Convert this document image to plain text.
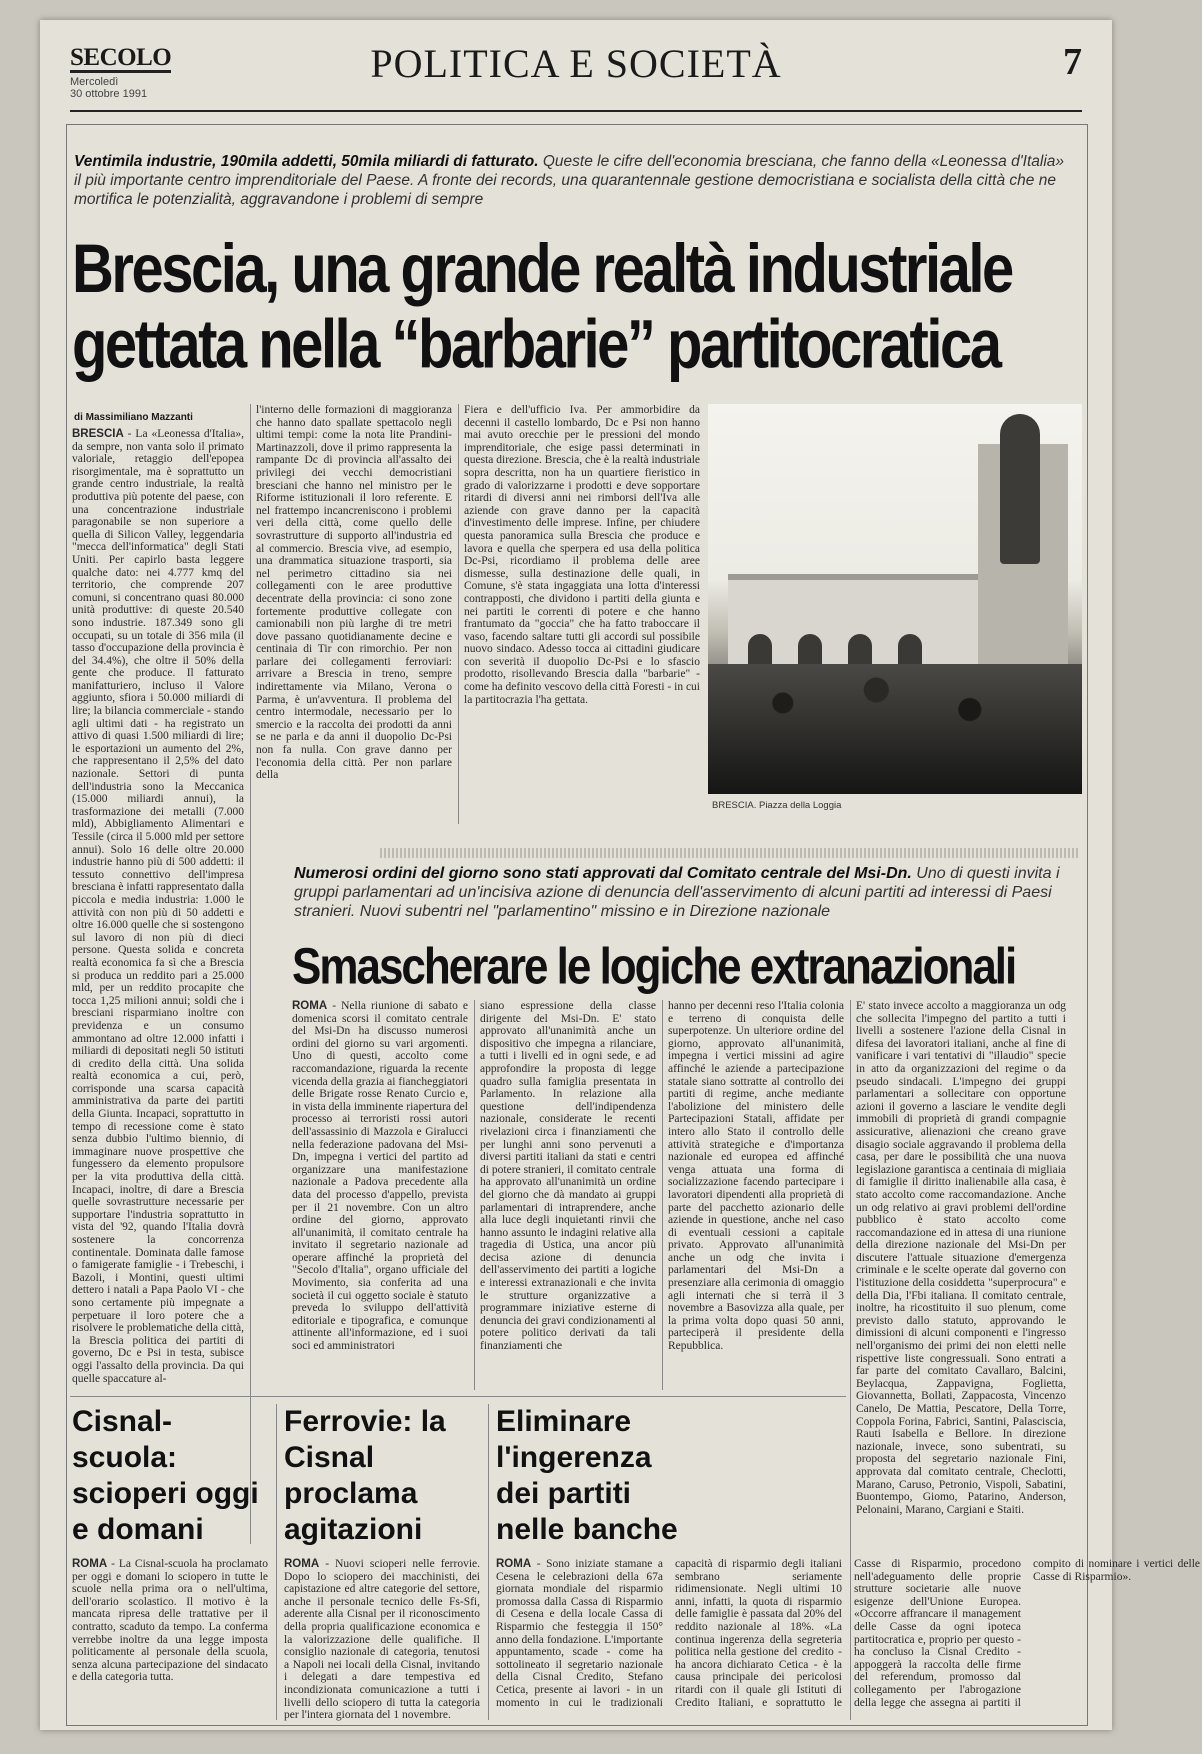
SECOLO
Mercoledì
30 ottobre 1991
POLITICA E SOCIETÀ	7
Ventimila industrie, 190mila addetti, 50mila miliardi di fatturato. Queste le cifre dell'economia bresciana, che fanno della «Leonessa d'Italia» il più importante centro imprenditoriale del Paese. A fronte dei records, una quarantennale gestione democristiana e socialista della città che ne mortifica le potenzialità, aggravandone i problemi di sempre
Brescia, una grande realtà industriale
gettata nella “barbarie” partitocratica
di Massimiliano Mazzanti
BRESCIA - La «Leonessa d'Italia», da sempre, non vanta solo il primato valoriale, retaggio dell'epopea risorgimentale, ma è soprattutto un grande centro industriale, la realtà produttiva più potente del paese, con una concentrazione industriale paragonabile se non superiore a quella di Silicon Valley, leggendaria "mecca dell'informatica" degli Stati Uniti. Per capirlo basta leggere qualche dato: nei 4.777 kmq del territorio, che comprende 207 comuni, si concentrano quasi 80.000 unità produttive: di queste 20.540 sono industrie. 187.349 sono gli occupati, su un totale di 356 mila (il tasso d'occupazione della provincia è del 34.4%), che oltre il 50% della gente che produce. Il fatturato manifatturiero, incluso il Valore aggiunto, sfiora i 50.000 miliardi di lire; la bilancia commerciale - stando agli ultimi dati - ha registrato un attivo di quasi 1.500 miliardi di lire; le esportazioni un aumento del 2%, che rappresentano il 2,5% del dato nazionale. Settori di punta dell'industria sono la Meccanica (15.000 miliardi annui), la trasformazione dei metalli (7.000 mld), Abbigliamento Alimentari e Tessile (circa il 5.000 mld per settore annui). Solo 16 delle oltre 20.000 industrie hanno più di 500 addetti: il tessuto connettivo dell'impresa bresciana è infatti rappresentato dalla piccola e media industria: 1.000 le attività con non più di 50 addetti e oltre 16.000 quelle che si sostengono sul lavoro di non più di dieci persone. Questa solida e concreta realtà economica fa sì che a Brescia si produca un reddito pari a 25.000 mld, per un reddito procapite che tocca 1,25 milioni annui; soldi che i bresciani risparmiano inoltre con previdenza e un consumo ammontano ad oltre 12.000 infatti i miliardi di depositati negli 50 istituti di credito della città. Una solida realtà economica a cui, però, corrisponde una scarsa capacità amministrativa da parte dei partiti della Giunta. Incapaci, soprattutto in tempo di recessione come è stato senza dubbio l'ultimo biennio, di immaginare nuove prospettive che fungessero da elemento propulsore per la vita produttiva della città. Incapaci, inoltre, di dare a Brescia quelle sovrastrutture necessarie per supportare l'industria soprattutto in vista del '92, quando l'Italia dovrà sostenere la concorrenza continentale. Dominata dalle famose o famigerate famiglie - i Trebeschi, i Bazoli, i Montini, questi ultimi dettero i natali a Papa Paolo VI - che sono certamente più impegnate a perpetuare il loro potere che a risolvere le problematiche della città, la Brescia politica dei partiti di governo, Dc e Psi in testa, subisce oggi l'assalto della provincia. Da qui quelle spaccature al-
l'interno delle formazioni di maggioranza che hanno dato spallate spettacolo negli ultimi tempi: come la nota lite Prandini-Martinazzoli, dove il primo rappresenta la rampante Dc di provincia all'assalto dei privilegi dei vecchi democristiani bresciani che hanno nel ministro per le Riforme istituzionali il loro referente. E nel frattempo incancreniscono i problemi veri della città, come quello delle sovrastrutture di supporto all'industria ed al commercio. Brescia vive, ad esempio, una drammatica situazione trasporti, sia nel perimetro cittadino sia nei collegamenti con le aree produttive decentrate della provincia: ci sono zone fortemente produttive collegate con camionabili non più larghe di tre metri dove passano quotidianamente decine e centinaia di Tir con rimorchio. Per non parlare dei collegamenti ferroviari: arrivare a Brescia in treno, sempre indirettamente via Milano, Verona o Parma, è un'avventura. Il problema del centro intermodale, necessario per lo smercio e la raccolta dei prodotti da anni se ne parla e da anni il duopolio Dc-Psi non fa nulla. Con grave danno per l'economia della città. Per non parlare della
Fiera e dell'ufficio Iva. Per ammorbidire da decenni il castello lombardo, Dc e Psi non hanno mai avuto orecchie per le pressioni del mondo imprenditoriale, che esige passi determinati in questa direzione. Brescia, che è la realtà industriale sopra descritta, non ha un quartiere fieristico in grado di valorizzarne i prodotti e deve sopportare ritardi di diversi anni nei rimborsi dell'Iva alle aziende con grave danno per la capacità d'investimento delle imprese. Infine, per chiudere questa panoramica sulla Brescia che produce e lavora e quella che sperpera ed usa della politica Dc-Psi, ricordiamo il problema delle aree dismesse, sulla destinazione delle quali, in Comune, s'è stata ingaggiata una lotta d'interessi contrapposti, che dividono i partiti della giunta e nei partiti le correnti di potere e che hanno frantumato da "goccia" che ha fatto traboccare il vaso, facendo saltare tutti gli accordi sul possibile nuovo sindaco. Adesso tocca ai cittadini giudicare con severità il duopolio Dc-Psi e lo sfascio prodotto, risollevando Brescia dalla "barbarie" - come ha definito vescovo della città Foresti - in cui la partitocrazia l'ha gettata.
BRESCIA. Piazza della Loggia
Numerosi ordini del giorno sono stati approvati dal Comitato centrale del Msi-Dn. Uno di questi invita i gruppi parlamentari ad un'incisiva azione di denuncia dell'asservimento di alcuni partiti ad interessi di Paesi stranieri. Nuovi subentri nel "parlamentino" missino e in Direzione nazionale
Smascherare le logiche extranazionali
ROMA - Nella riunione di sabato e domenica scorsi il comitato centrale del Msi-Dn ha discusso numerosi ordini del giorno su vari argomenti. Uno di questi, accolto come raccomandazione, riguarda la recente vicenda della grazia ai fiancheggiatori delle Brigate rosse Renato Curcio e, in vista della imminente riapertura del processo ai terroristi rossi autori dell'assassinio di Mazzola e Giralucci nella federazione padovana del Msi-Dn, impegna i vertici del partito ad organizzare una manifestazione nazionale a Padova precedente alla data del processo d'appello, prevista per il 21 novembre. Con un altro ordine del giorno, approvato all'unanimità, il comitato centrale ha invitato il segretario nazionale ad operare affinché la proprietà del "Secolo d'Italia", organo ufficiale del Movimento, sia conferita ad una società il cui oggetto sociale è statuto preveda lo sviluppo dell'attività editoriale e tipografica, e comunque attinente all'informazione, ed i suoi soci ed amministratori
siano espressione della classe dirigente del Msi-Dn. E' stato approvato all'unanimità anche un dispositivo che impegna a rilanciare, a tutti i livelli ed in ogni sede, e ad approfondire la proposta di legge quadro sulla famiglia presentata in Parlamento. In relazione alla questione dell'indipendenza nazionale, considerate le recenti rivelazioni circa i finanziamenti che per lunghi anni sono pervenuti a diversi partiti italiani da stati e centri di potere stranieri, il comitato centrale ha approvato all'unanimità un ordine del giorno che dà mandato ai gruppi parlamentari di intraprendere, anche alla luce degli inquietanti rinvii che hanno assunto le indagini relative alla tragedia di Ustica, una ancor più decisa azione di denuncia dell'asservimento dei partiti a logiche e interessi extranazionali e che invita le strutture organizzative a programmare iniziative esterne di denuncia dei gravi condizionamenti al potere politico derivati da tali finanziamenti che
hanno per decenni reso l'Italia colonia e terreno di conquista delle superpotenze. Un ulteriore ordine del giorno, approvato all'unanimità, impegna i vertici missini ad agire affinché le aziende a partecipazione statale siano sottratte al controllo dei partiti di regime, anche mediante l'abolizione del ministero delle Partecipazioni Statali, affidate per intero allo Stato il controllo delle attività strategiche e d'importanza nazionale ed europea ed affinché venga attuata una forma di socializzazione facendo partecipare i lavoratori dipendenti alla proprietà di parte del pacchetto azionario delle aziende in questione, anche nel caso di eventuali cessioni a capitale privato. Approvato all'unanimità anche un odg che invita i parlamentari del Msi-Dn a presenziare alla cerimonia di omaggio agli internati che si terrà il 3 novembre a Basovizza alla quale, per la prima volta dopo quasi 50 anni, parteciperà il presidente della Repubblica.
E' stato invece accolto a maggioranza un odg che sollecita l'impegno del partito a tutti i livelli a sostenere l'azione della Cisnal in difesa dei lavoratori italiani, anche al fine di vanificare i vari tentativi di "illaudio" specie in atto da organizzazioni del regime o da pseudo sindacali. L'impegno dei gruppi parlamentari a sollecitare con opportune azioni il governo a lasciare le vendite degli immobili di proprietà di grandi compagnie assicurative, alienazioni che creano grave disagio sociale aggravando il problema della casa, per dare le possibilità che una nuova legislazione garantisca a centinaia di migliaia di famiglie il diritto inalienabile alla casa, è stato accolto come raccomandazione. Anche un odg relativo ai gravi problemi dell'ordine pubblico è stato accolto come raccomandazione ed in attesa di una riunione della direzione nazionale del Msi-Dn per discutere l'attuale situazione d'emergenza criminale e le scelte operate dal governo con l'istituzione della cosiddetta "superprocura" e della Dia, l'Fbi italiana. Il comitato centrale, inoltre, ha ricostituito il suo plenum, come previsto dallo statuto, approvando le dimissioni di alcuni componenti e l'ingresso nell'organismo dei primi dei non eletti nelle rispettive liste congressuali. Sono entrati a far parte del comitato Cavallaro, Balcini, Beylacqua, Zappavigna, Foglietta, Giovannetta, Bollati, Zappacosta, Vincenzo Canelo, De Mattia, Pescatore, Della Torre, Coppola Forina, Fabrici, Santini, Palasciscia, Rauti Isabella e Bellore. In direzione nazionale, invece, sono subentrati, su proposta del segretario nazionale Fini, approvata dal comitato centrale, Checlotti, Marano, Caruso, Petronio, Vispoli, Sabatini, Buontempo, Giomo, Patarino, Anderson, Pelonaini, Marano, Cargiani e Staiti.
Cisnal-scuola: scioperi oggi e domani
ROMA - La Cisnal-scuola ha proclamato per oggi e domani lo sciopero in tutte le scuole nella prima ora o nell'ultima, dell'orario scolastico. Il motivo è la mancata ripresa delle trattative per il contratto, scaduto da tempo. La conferma verrebbe inoltre da una legge imposta politicamente al personale della scuola, senza alcuna partecipazione del sindacato e della categoria tutta.
Ferrovie: la Cisnal proclama agitazioni
ROMA - Nuovi scioperi nelle ferrovie. Dopo lo sciopero dei macchinisti, dei capistazione ed altre categorie del settore, anche il personale tecnico delle Fs-Sfi, aderente alla Cisnal per il riconoscimento della propria qualificazione economica e la valorizzazione delle qualifiche. Il consiglio nazionale di categoria, tenutosi a Napoli nei locali della Cisnal, invitando i delegati a dare tempestiva ed incondizionata comunicazione a tutti i livelli dello sciopero di tutta la categoria per l'intera giornata del 1 novembre.
Eliminare l'ingerenza dei partiti nelle banche
ROMA - Sono iniziate stamane a Cesena le celebrazioni della 67a giornata mondiale del risparmio promossa dalla Cassa di Risparmio di Cesena e della locale Cassa di Risparmio che festeggia il 150° anno della fondazione. L'importante appuntamento, scade - come ha sottolineato il segretario nazionale della Cisnal Credito, Stefano Cetica, presente ai lavori - in un momento in cui le tradizionali capacità di risparmio degli italiani sembrano seriamente ridimensionate. Negli ultimi 10 anni, infatti, la quota di risparmio delle famiglie è passata dal 20% del reddito nazionale al 18%. «La continua ingerenza della segreteria politica nella gestione del credito - ha ancora dichiarato Cetica - è la causa principale dei pericolosi ritardi con il quale gli Istituti di Credito Italiani, e soprattutto le Casse di Risparmio, procedono nell'adeguamento delle proprie strutture societarie alle nuove esigenze dell'Unione Europea. «Occorre affrancare il management delle Casse da ogni ipoteca partitocratica e, proprio per questo - ha concluso la Cisnal Credito - appoggerà la raccolta delle firme del referendum, promosso dal collegamento per l'abrogazione della legge che assegna ai partiti il compito di nominare i vertici delle Casse di Risparmio».
